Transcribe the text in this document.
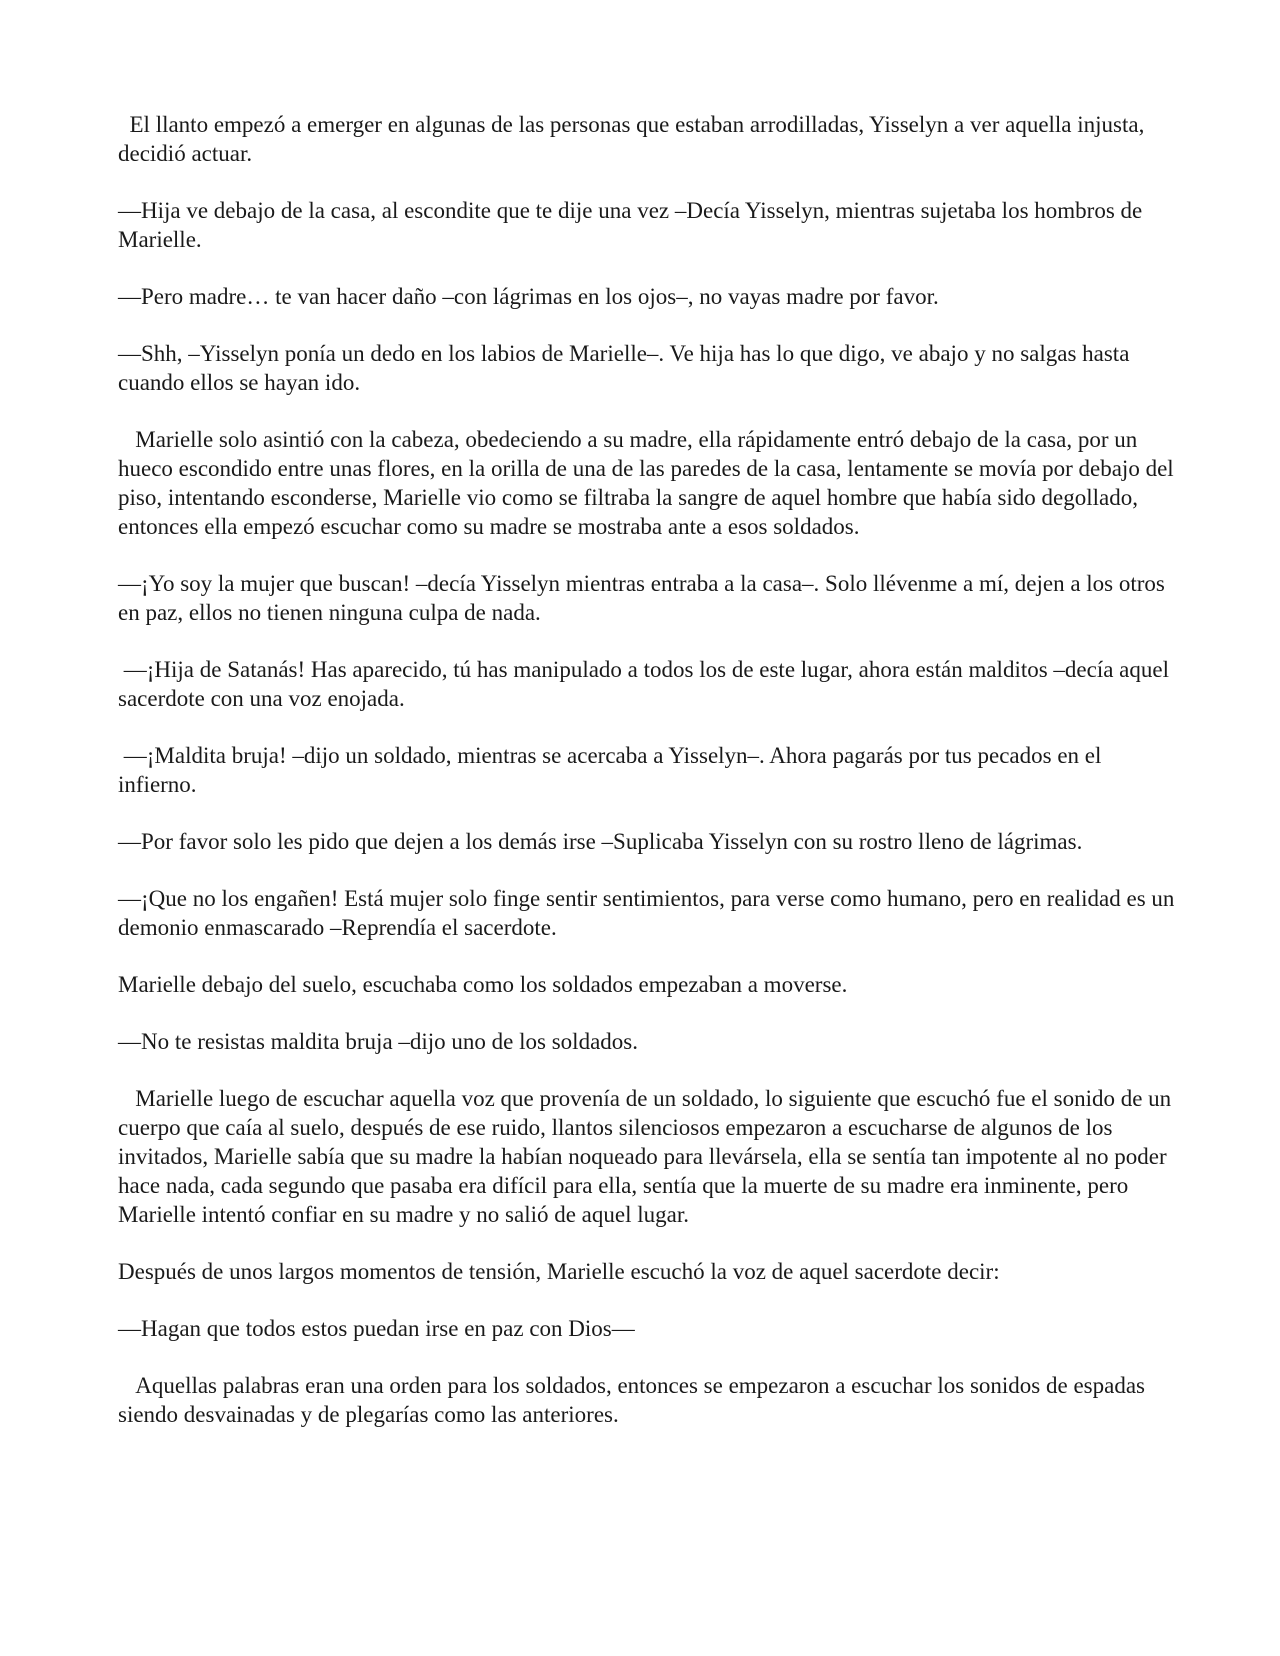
El llanto empezó a emerger en algunas de las personas que estaban arrodilladas, Yisselyn a ver aquella injusta, decidió actuar.

—Hija ve debajo de la casa, al escondite que te dije una vez –Decía Yisselyn, mientras sujetaba los hombros de Marielle.

—Pero madre… te van hacer daño –con lágrimas en los ojos–, no vayas madre por favor.

—Shh, –Yisselyn ponía un dedo en los labios de Marielle–. Ve hija has lo que digo, ve abajo y no salgas hasta cuando ellos se hayan ido.

Marielle solo asintió con la cabeza, obedeciendo a su madre, ella rápidamente entró debajo de la casa, por un hueco escondido entre unas flores, en la orilla de una de las paredes de la casa, lentamente se movía por debajo del piso, intentando esconderse, Marielle vio como se filtraba la sangre de aquel hombre que había sido degollado, entonces ella empezó escuchar como su madre se mostraba ante a esos soldados.

—¡Yo soy la mujer que buscan! –decía Yisselyn mientras entraba a la casa–. Solo llévenme a mí, dejen a los otros en paz, ellos no tienen ninguna culpa de nada.

—¡Hija de Satanás! Has aparecido, tú has manipulado a todos los de este lugar, ahora están malditos –decía aquel sacerdote con una voz enojada.

—¡Maldita bruja! –dijo un soldado, mientras se acercaba a Yisselyn–. Ahora pagarás por tus pecados en el infierno.

—Por favor solo les pido que dejen a los demás irse –Suplicaba Yisselyn con su rostro lleno de lágrimas.

—¡Que no los engañen! Está mujer solo finge sentir sentimientos, para verse como humano, pero en realidad es un demonio enmascarado –Reprendía el sacerdote.

Marielle debajo del suelo, escuchaba como los soldados empezaban a moverse.

—No te resistas maldita bruja –dijo uno de los soldados.

Marielle luego de escuchar aquella voz que provenía de un soldado, lo siguiente que escuchó fue el sonido de un cuerpo que caía al suelo, después de ese ruido, llantos silenciosos empezaron a escucharse de algunos de los invitados, Marielle sabía que su madre la habían noqueado para llevársela, ella se sentía tan impotente al no poder hace nada, cada segundo que pasaba era difícil para ella, sentía que la muerte de su madre era inminente, pero Marielle intentó confiar en su madre y no salió de aquel lugar.

Después de unos largos momentos de tensión, Marielle escuchó la voz de aquel sacerdote decir:

—Hagan que todos estos puedan irse en paz con Dios—

Aquellas palabras eran una orden para los soldados, entonces se empezaron a escuchar los sonidos de espadas siendo desvainadas y de plegarías como las anteriores.
